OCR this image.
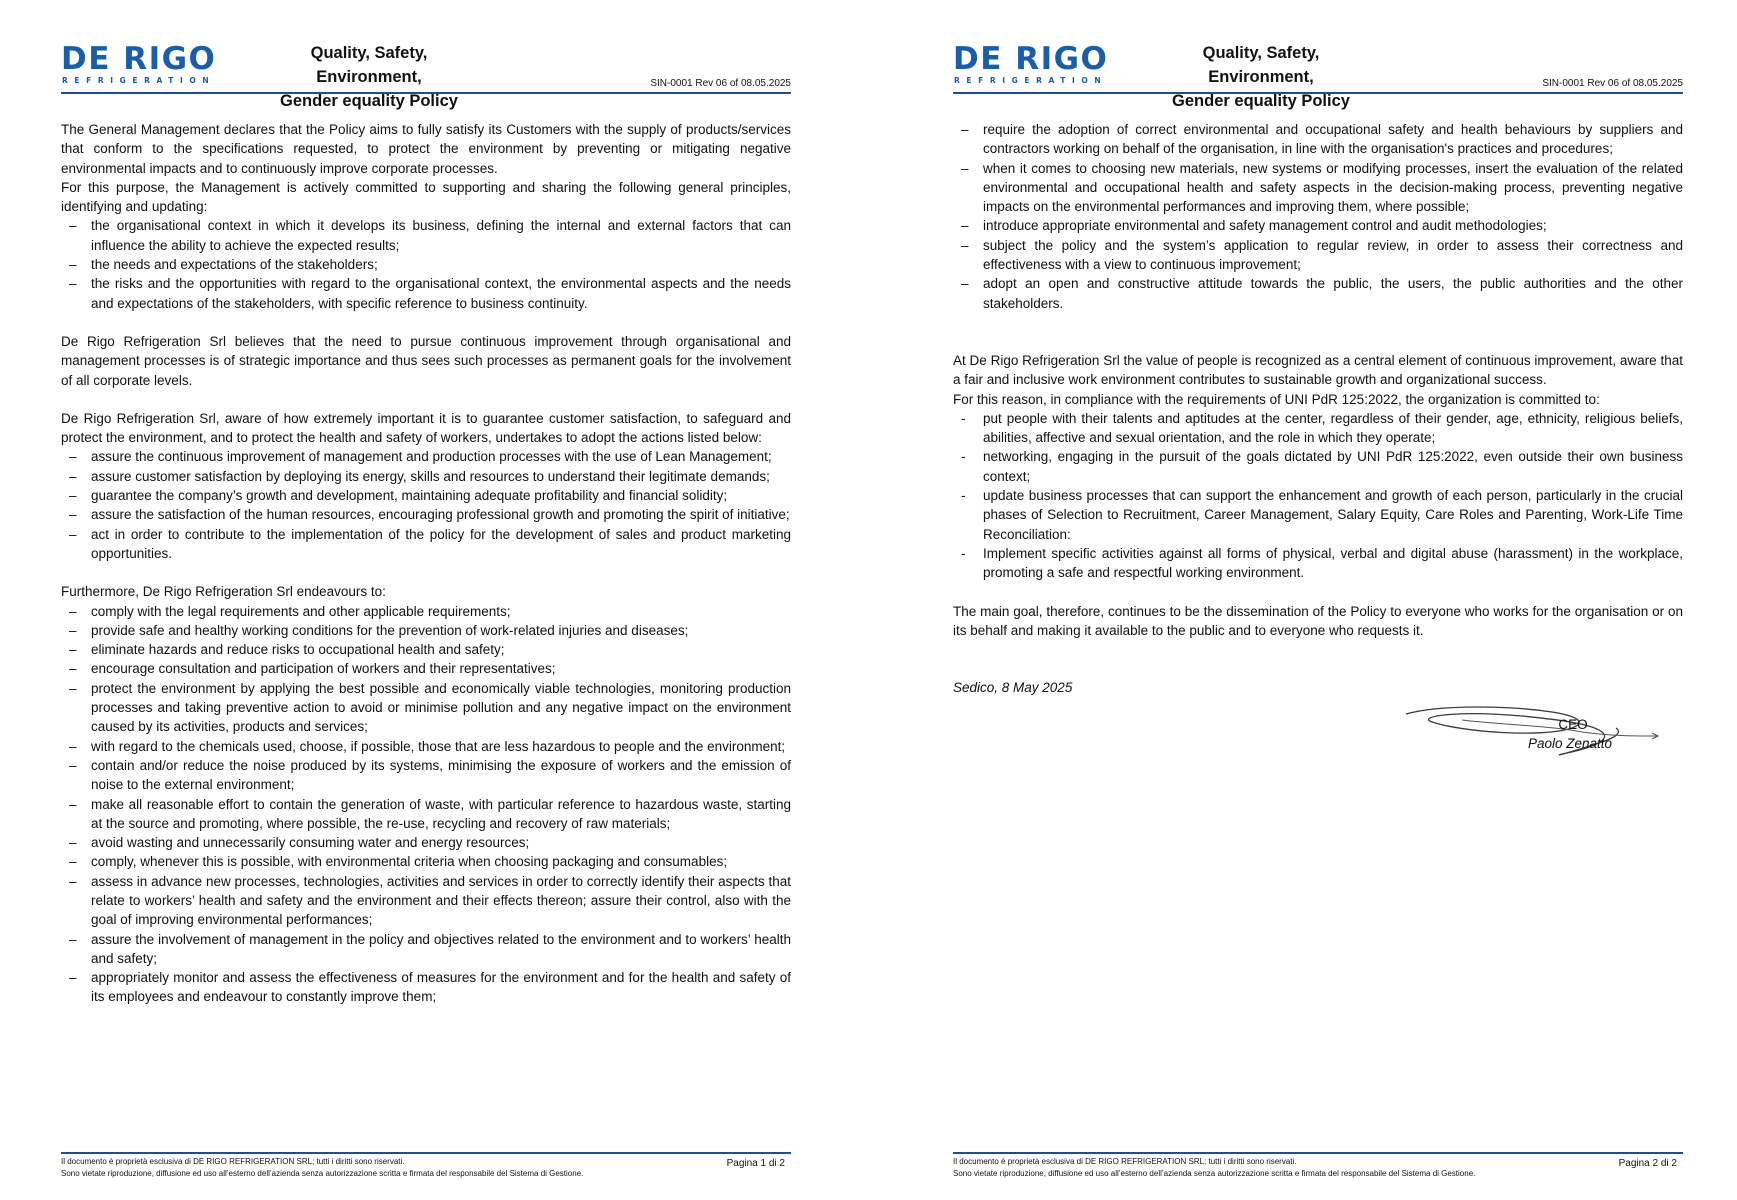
DE RIGO
REFRIGERATION
Quality, Safety, Environment,
Gender equality Policy
SIN-0001 Rev 06 of 08.05.2025

The General Management declares that the Policy aims to fully satisfy its Customers with the supply of products/services that conform to the specifications requested, to protect the environment by preventing or mitigating negative environmental impacts and to continuously improve corporate processes.

For this purpose, the Management is actively committed to supporting and sharing the following general principles, identifying and updating:

– the organisational context in which it develops its business, defining the internal and external factors that can influence the ability to achieve the expected results;
– the needs and expectations of the stakeholders;
– the risks and the opportunities with regard to the organisational context, the environmental aspects and the needs and expectations of the stakeholders, with specific reference to business continuity.

De Rigo Refrigeration Srl believes that the need to pursue continuous improvement through organisational and management processes is of strategic importance and thus sees such processes as permanent goals for the involvement of all corporate levels.

De Rigo Refrigeration Srl, aware of how extremely important it is to guarantee customer satisfaction, to safeguard and protect the environment, and to protect the health and safety of workers, undertakes to adopt the actions listed below:

– assure the continuous improvement of management and production processes with the use of Lean Management;
– assure customer satisfaction by deploying its energy, skills and resources to understand their legitimate demands;
– guarantee the company’s growth and development, maintaining adequate profitability and financial solidity;
– assure the satisfaction of the human resources, encouraging professional growth and promoting the spirit of initiative;
– act in order to contribute to the implementation of the policy for the development of sales and product marketing opportunities.

Furthermore, De Rigo Refrigeration Srl endeavours to:

– comply with the legal requirements and other applicable requirements;
– provide safe and healthy working conditions for the prevention of work-related injuries and diseases;
– eliminate hazards and reduce risks to occupational health and safety;
– encourage consultation and participation of workers and their representatives;
– protect the environment by applying the best possible and economically viable technologies, monitoring production processes and taking preventive action to avoid or minimise pollution and any negative impact on the environment caused by its activities, products and services;
– with regard to the chemicals used, choose, if possible, those that are less hazardous to people and the environment;
– contain and/or reduce the noise produced by its systems, minimising the exposure of workers and the emission of noise to the external environment;
– make all reasonable effort to contain the generation of waste, with particular reference to hazardous waste, starting at the source and promoting, where possible, the re-use, recycling and recovery of raw materials;
– avoid wasting and unnecessarily consuming water and energy resources;
– comply, whenever this is possible, with environmental criteria when choosing packaging and consumables;
– assess in advance new processes, technologies, activities and services in order to correctly identify their aspects that relate to workers’ health and safety and the environment and their effects thereon; assure their control, also with the goal of improving environmental performances;
– assure the involvement of management in the policy and objectives related to the environment and to workers’ health and safety;
– appropriately monitor and assess the effectiveness of measures for the environment and for the health and safety of its employees and endeavour to constantly improve them;
Il documento è proprietà esclusiva di DE RIGO REFRIGERATION SRL; tutti i diritti sono riservati.
Sono vietate riproduzione, diffusione ed uso all’esterno dell’azienda senza autorizzazione scritta e firmata del responsabile del Sistema di Gestione.
Pagina 1 di 2
DE RIGO
REFRIGERATION
Quality, Safety, Environment,
Gender equality Policy
SIN-0001 Rev 06 of 08.05.2025
– require the adoption of correct environmental and occupational safety and health behaviours by suppliers and contractors working on behalf of the organisation, in line with the organisation's practices and procedures;
– when it comes to choosing new materials, new systems or modifying processes, insert the evaluation of the related environmental and occupational health and safety aspects in the decision-making process, preventing negative impacts on the environmental performances and improving them, where possible;
– introduce appropriate environmental and safety management control and audit methodologies;
– subject the policy and the system’s application to regular review, in order to assess their correctness and effectiveness with a view to continuous improvement;
– adopt an open and constructive attitude towards the public, the users, the public authorities and the other stakeholders.

At De Rigo Refrigeration Srl the value of people is recognized as a central element of continuous improvement, aware that a fair and inclusive work environment contributes to sustainable growth and organizational success.

For this reason, in compliance with the requirements of UNI PdR 125:2022, the organization is committed to:

- put people with their talents and aptitudes at the center, regardless of their gender, age, ethnicity, religious beliefs, abilities, affective and sexual orientation, and the role in which they operate;
- networking, engaging in the pursuit of the goals dictated by UNI PdR 125:2022, even outside their own business context;
- update business processes that can support the enhancement and growth of each person, particularly in the crucial phases of Selection to Recruitment, Career Management, Salary Equity, Care Roles and Parenting, Work-Life Time Reconciliation:
- Implement specific activities against all forms of physical, verbal and digital abuse (harassment) in the workplace, promoting a safe and respectful working environment.

The main goal, therefore, continues to be the dissemination of the Policy to everyone who works for the organisation or on its behalf and making it available to the public and to everyone who requests it.

Sedico, 8 May 2025

Il documento è proprietà esclusiva di DE RIGO REFRIGERATION SRL; tutti i diritti sono riservati.
Sono vietate riproduzione, diffusione ed uso all’esterno dell’azienda senza autorizzazione scritta e firmata del responsabile del Sistema di Gestione.
Pagina 2 di 2
CEO
Paolo Zenatto
